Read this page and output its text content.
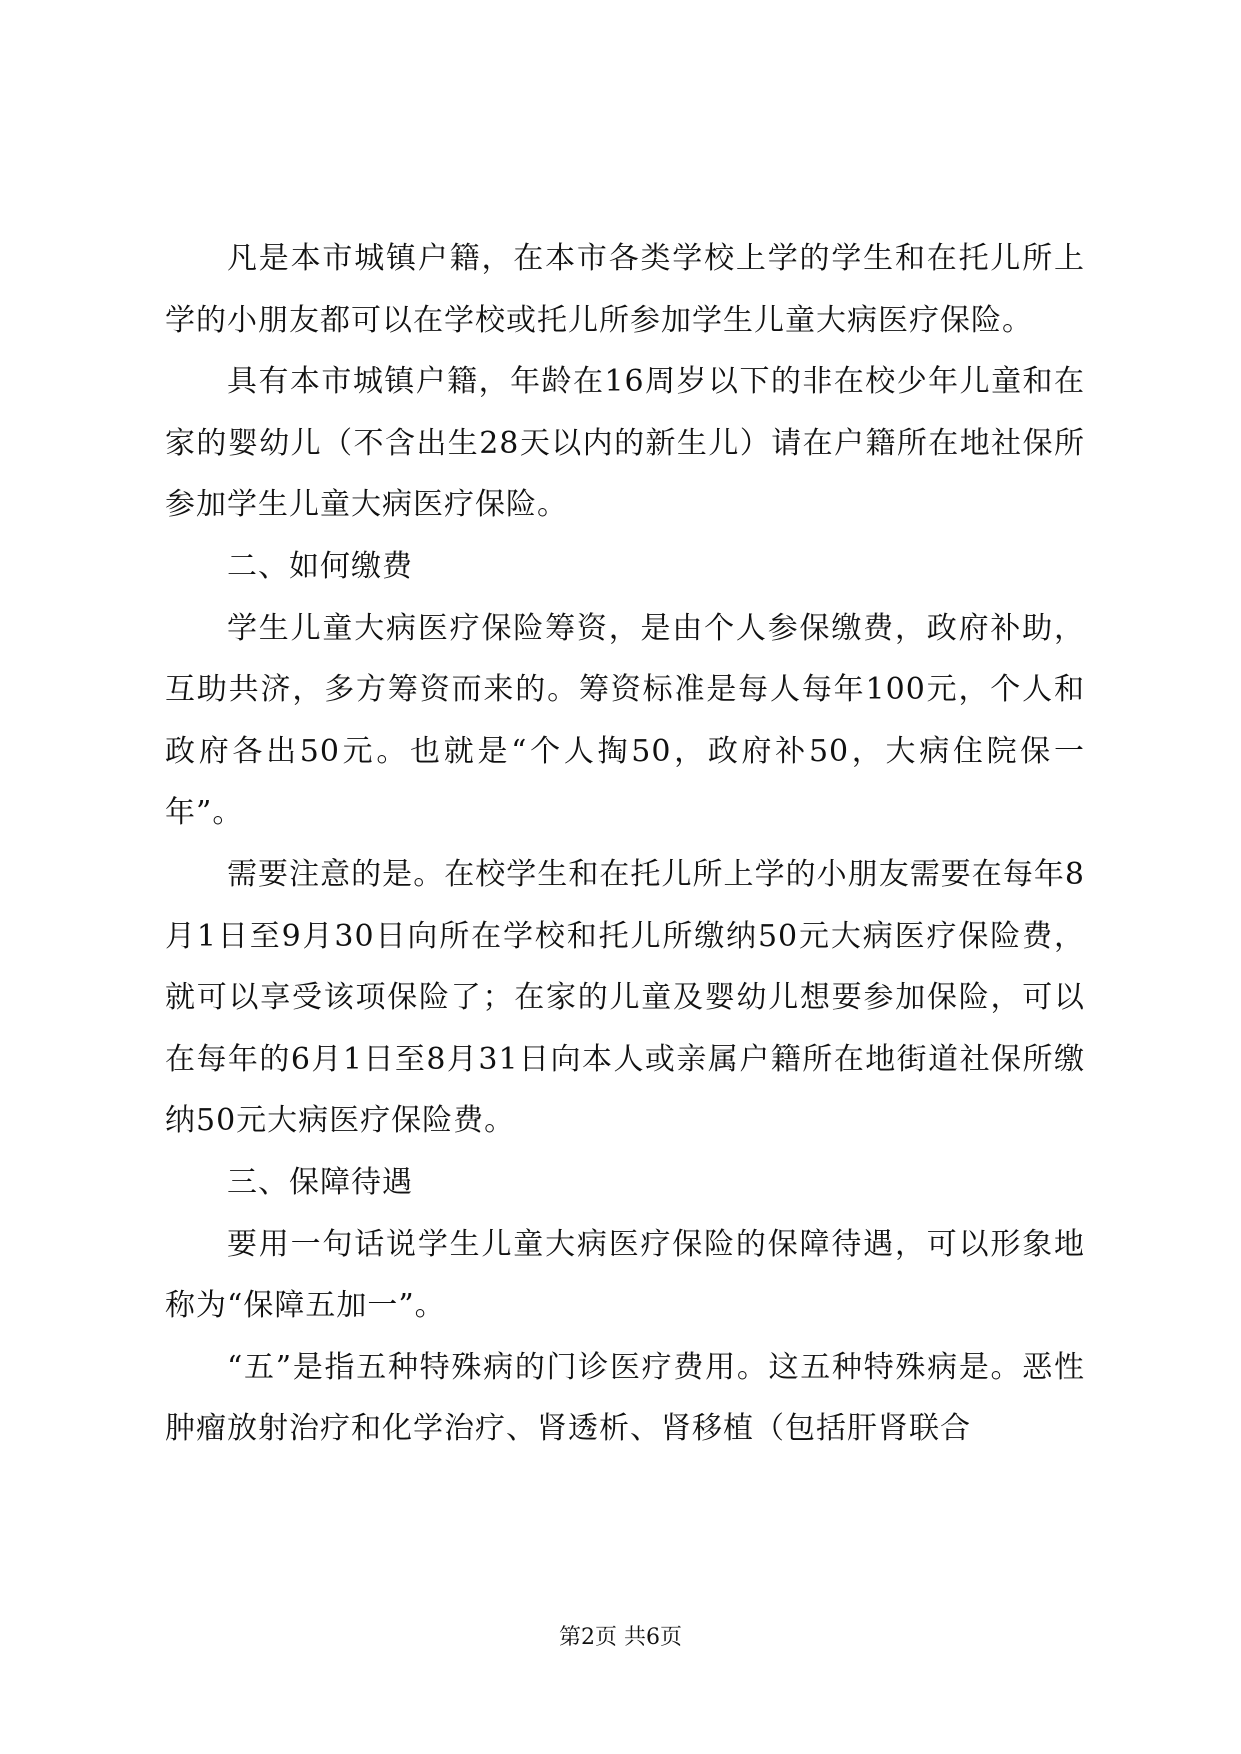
凡是本市城镇户籍，在本市各类学校上学的学生和在托儿所上学的小朋友都可以在学校或托儿所参加学生儿童大病医疗保险。

具有本市城镇户籍，年龄在16周岁以下的非在校少年儿童和在家的婴幼儿（不含出生28天以内的新生儿）请在户籍所在地社保所参加学生儿童大病医疗保险。

二、如何缴费

学生儿童大病医疗保险筹资，是由个人参保缴费，政府补助，互助共济，多方筹资而来的。筹资标准是每人每年100元，个人和政府各出50元。也就是“个人掏50，政府补50，大病住院保一年”。

需要注意的是。在校学生和在托儿所上学的小朋友需要在每年8月1日至9月30日向所在学校和托儿所缴纳50元大病医疗保险费，就可以享受该项保险了；在家的儿童及婴幼儿想要参加保险，可以在每年的6月1日至8月31日向本人或亲属户籍所在地街道社保所缴纳50元大病医疗保险费。

三、保障待遇

要用一句话说学生儿童大病医疗保险的保障待遇，可以形象地称为“保障五加一”。

“五”是指五种特殊病的门诊医疗费用。这五种特殊病是。恶性肿瘤放射治疗和化学治疗、肾透析、肾移植（包括肝肾联合

第2页 共6页
